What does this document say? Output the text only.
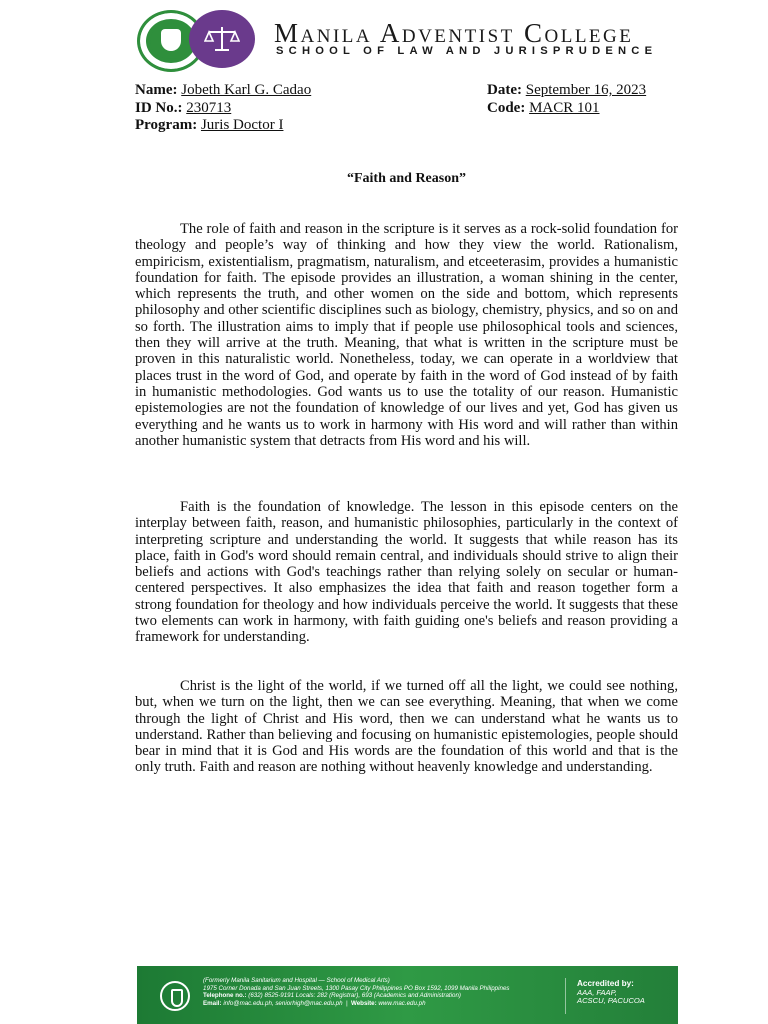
Manila Adventist College
SCHOOL OF LAW AND JURISPRUDENCE
Name: Jobeth Karl G. Cadao
ID No.: 230713
Program: Juris Doctor I
Date: September 16, 2023
Code: MACR 101
“Faith and Reason”

The role of faith and reason in the scripture is it serves as a rock-solid foundation for theology and people’s way of thinking and how they view the world. Rationalism, empiricism, existentialism, pragmatism, naturalism, and etceeterasim, provides a humanistic foundation for faith. The episode provides an illustration, a woman shining in the center, which represents the truth, and other women on the side and bottom, which represents philosophy and other scientific disciplines such as biology, chemistry, physics, and so on and so forth. The illustration aims to imply that if people use philosophical tools and sciences, then they will arrive at the truth. Meaning, that what is written in the scripture must be proven in this naturalistic world. Nonetheless, today, we can operate in a worldview that places trust in the word of God, and operate by faith in the word of God instead of by faith in humanistic methodologies. God wants us to use the totality of our reason. Humanistic epistemologies are not the foundation of knowledge of our lives and yet, God has given us everything and he wants us to work in harmony with His word and will rather than within another humanistic system that detracts from His word and his will.

Faith is the foundation of knowledge. The lesson in this episode centers on the interplay between faith, reason, and humanistic philosophies, particularly in the context of interpreting scripture and understanding the world. It suggests that while reason has its place, faith in God's word should remain central, and individuals should strive to align their beliefs and actions with God's teachings rather than relying solely on secular or human-centered perspectives. It also emphasizes the idea that faith and reason together form a strong foundation for theology and how individuals perceive the world. It suggests that these two elements can work in harmony, with faith guiding one's beliefs and reason providing a framework for understanding.

Christ is the light of the world, if we turned off all the light, we could see nothing, but, when we turn on the light, then we can see everything. Meaning, that when we come through the light of Christ and His word, then we can understand what he wants us to understand. Rather than believing and focusing on humanistic epistemologies, people should bear in mind that it is God and His words are the foundation of this world and that is the only truth. Faith and reason are nothing without heavenly knowledge and understanding.

(Formerly Manila Sanitarium and Hospital — School of Medical Arts)
1975 Corner Donada and San Juan Streets, 1300 Pasay City Philippines PO Box 1592, 1099 Manila Philippines
Telephone no.: (632) 8525-9191 Locals: 282 (Registrar), 693 (Academics and Administration)
Email: info@mac.edu.ph, seniorhigh@mac.edu.ph  |  Website: www.mac.edu.ph
Accredited by:
AAA, FAAP,
ACSCU, PACUCOA
